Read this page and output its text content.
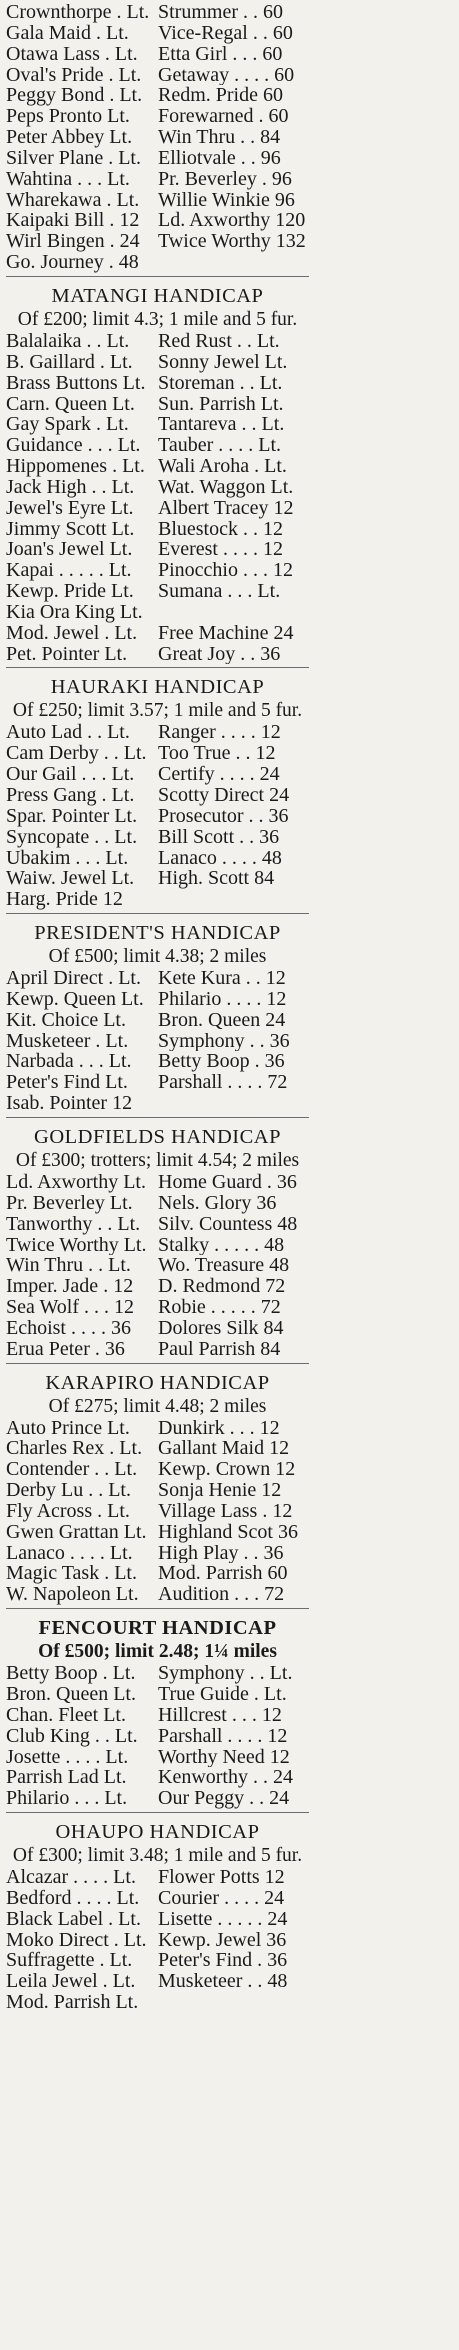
Crownthorpe . Lt. Strummer . . 60
Gala Maid . Lt.	Vice-Regal . . 60
Otawa Lass . Lt.	Etta Girl . . . 60
Oval's Pride . Lt. Getaway . . . . 60
Peggy Bond . Lt. Redm. Pride 60
Peps Pronto Lt.	Forewarned . 60
Peter Abbey Lt.	Win Thru . . 84
Silver Plane . Lt. Elliotvale . . 96
Wahtina . . . Lt.	Pr. Beverley . 96
Wharekawa . Lt. Willie Winkie 96
Kaipaki Bill . 12 Ld. Axworthy 120
Wirl Bingen . 24 Twice Worthy 132
Go. Journey . 48
MATANGI HANDICAP
Of £200; limit 4.3; 1 mile and 5 fur.
Balalaika . . Lt.	Red Rust . . Lt.
B. Gaillard . Lt.	Sonny Jewel Lt.
Brass Buttons Lt. Storeman . . Lt.
Carn. Queen Lt.	Sun. Parrish Lt.
Gay Spark . Lt.	Tantareva . . Lt.
Guidance . . . Lt. Tauber . . . . Lt.
Hippomenes . Lt. Wali Aroha . Lt.
Jack High . . Lt.	Wat. Waggon Lt.
Jewel's Eyre Lt.	Albert Tracey 12
Jimmy Scott Lt.	Bluestock . . 12
Joan's Jewel Lt.	Everest . . . . 12
Kapai . . . . . Lt.	Pinocchio . . . 12
Kewp. Pride Lt.	Sumana . . . Lt.
Kia Ora King Lt.
Mod. Jewel . Lt.	Free Machine 24
Pet. Pointer Lt.	Great Joy . . 36
HAURAKI HANDICAP
Of £250; limit 3.57; 1 mile and 5 fur.
Auto Lad . . Lt.	Ranger . . . . 12
Cam Derby . . Lt. Too True . . 12
Our Gail . . . Lt.	Certify . . . . 24
Press Gang . Lt.	Scotty Direct 24
Spar. Pointer Lt.	Prosecutor . . 36
Syncopate . . Lt.	Bill Scott . . 36
Ubakim . . . Lt.	Lanaco . . . . 48
Waiw. Jewel Lt.	High. Scott 84
Harg. Pride 12
PRESIDENT'S HANDICAP
Of £500; limit 4.38; 2 miles
April Direct . Lt. Kete Kura . . 12
Kewp. Queen Lt. Philario . . . . 12
Kit. Choice Lt.	Bron. Queen 24
Musketeer . Lt.	Symphony . . 36
Narbada . . . Lt.	Betty Boop . 36
Peter's Find Lt.	Parshall . . . . 72
Isab. Pointer 12
GOLDFIELDS HANDICAP
Of £300; trotters; limit 4.54; 2 miles
Ld. Axworthy Lt. Home Guard . 36
Pr. Beverley Lt.	Nels. Glory 36
Tanworthy . . Lt. Silv. Countess 48
Twice Worthy Lt. Stalky . . . . . 48
Win Thru . . Lt.	Wo. Treasure 48
Imper. Jade . 12	D. Redmond 72
Sea Wolf . . . 12	Robie . . . . . 72
Echoist . . . . 36	Dolores Silk 84
Erua Peter . 36	Paul Parrish 84
KARAPIRO HANDICAP
Of £275; limit 4.48; 2 miles
Auto Prince Lt.	Dunkirk . . . 12
Charles Rex . Lt. Gallant Maid 12
Contender . . Lt.	Kewp. Crown 12
Derby Lu . . Lt.	Sonja Henie 12
Fly Across . Lt.	Village Lass . 12
Gwen Grattan Lt. Highland Scot 36
Lanaco . . . . Lt.	High Play . . 36
Magic Task . Lt.	Mod. Parrish 60
W. Napoleon Lt. Audition . . . 72
FENCOURT HANDICAP
Of £500; limit 2.48; 1¼ miles
Betty Boop . Lt.	Symphony . . Lt.
Bron. Queen Lt.	True Guide . Lt.
Chan. Fleet Lt.	Hillcrest . . . 12
Club King . . Lt.	Parshall . . . . 12
Josette . . . . Lt.	Worthy Need 12
Parrish Lad Lt.	Kenworthy . . 24
Philario . . . Lt.	Our Peggy . . 24
OHAUPO HANDICAP
Of £300; limit 3.48; 1 mile and 5 fur.
Alcazar . . . . Lt.	Flower Potts 12
Bedford . . . . Lt. Courier . . . . 24
Black Label . Lt. Lisette . . . . . 24
Moko Direct . Lt. Kewp. Jewel 36
Suffragette . Lt.	Peter's Find . 36
Leila Jewel . Lt.	Musketeer . . 48
Mod. Parrish Lt.
